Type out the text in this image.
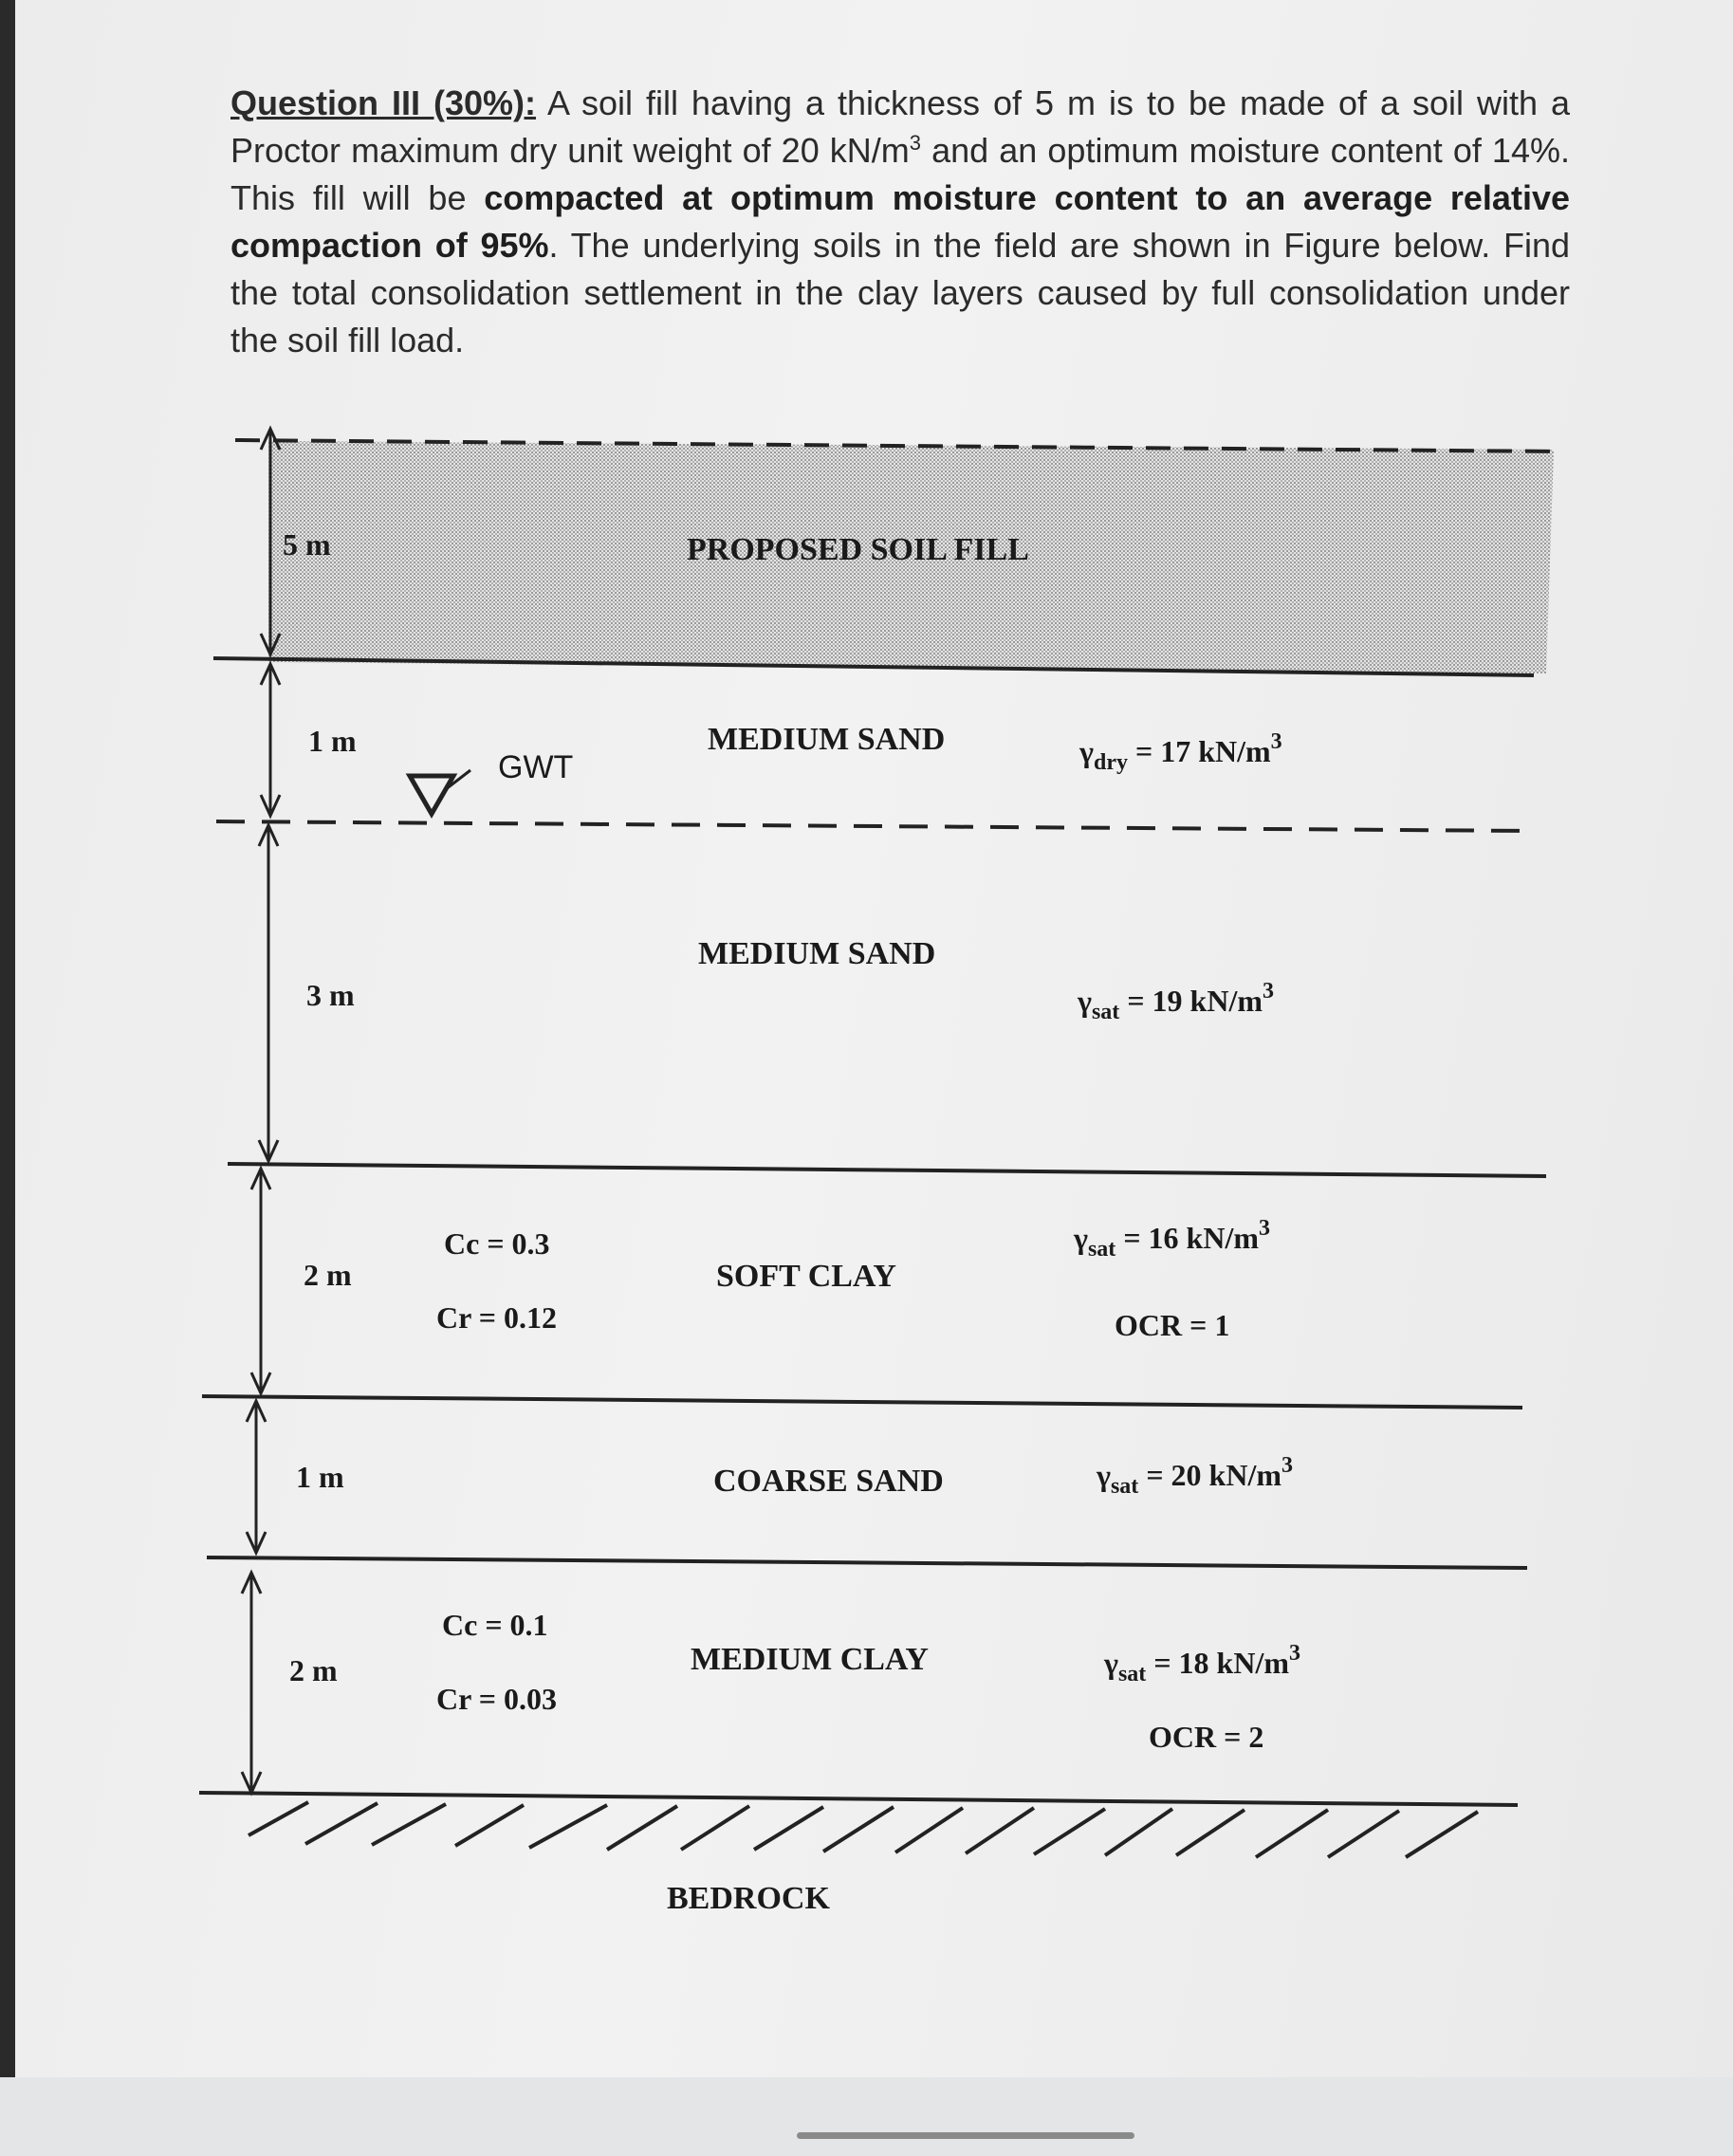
Question III (30%): A soil fill having a thickness of 5 m is to be made of a soil with a Proctor maximum dry unit weight of 20 $kN/m^3$ and an optimum moisture content of 14%. This fill will be compacted at optimum moisture content to an average relative compaction of 95%. The underlying soils in the field are shown in Figure below. Find the total consolidation settlement in the clay layers caused by full consolidation under the soil fill load.
GWT
5 m	PROPOSED SOIL FILL
1 m	MEDIUM SAND	$\gamma_{dry} = 17$ $kN/m^3$
3 m
MEDIUM SAND
$\gamma_{sat} = 19$ $kN/m^3$
2 m
Cc = 0.3
Cr = 0.12
SOFT CLAY
$\gamma_{sat} = 16$ $kN/m^3$
OCR = 1
1 m	COARSE SAND	$\gamma_{sat} = 20$ $kN/m^3$
2 m
Cc = 0.1
Cr = 0.03
MEDIUM CLAY	$\gamma_{sat} = 18$ $kN/m^3$
OCR = 2
BEDROCK
